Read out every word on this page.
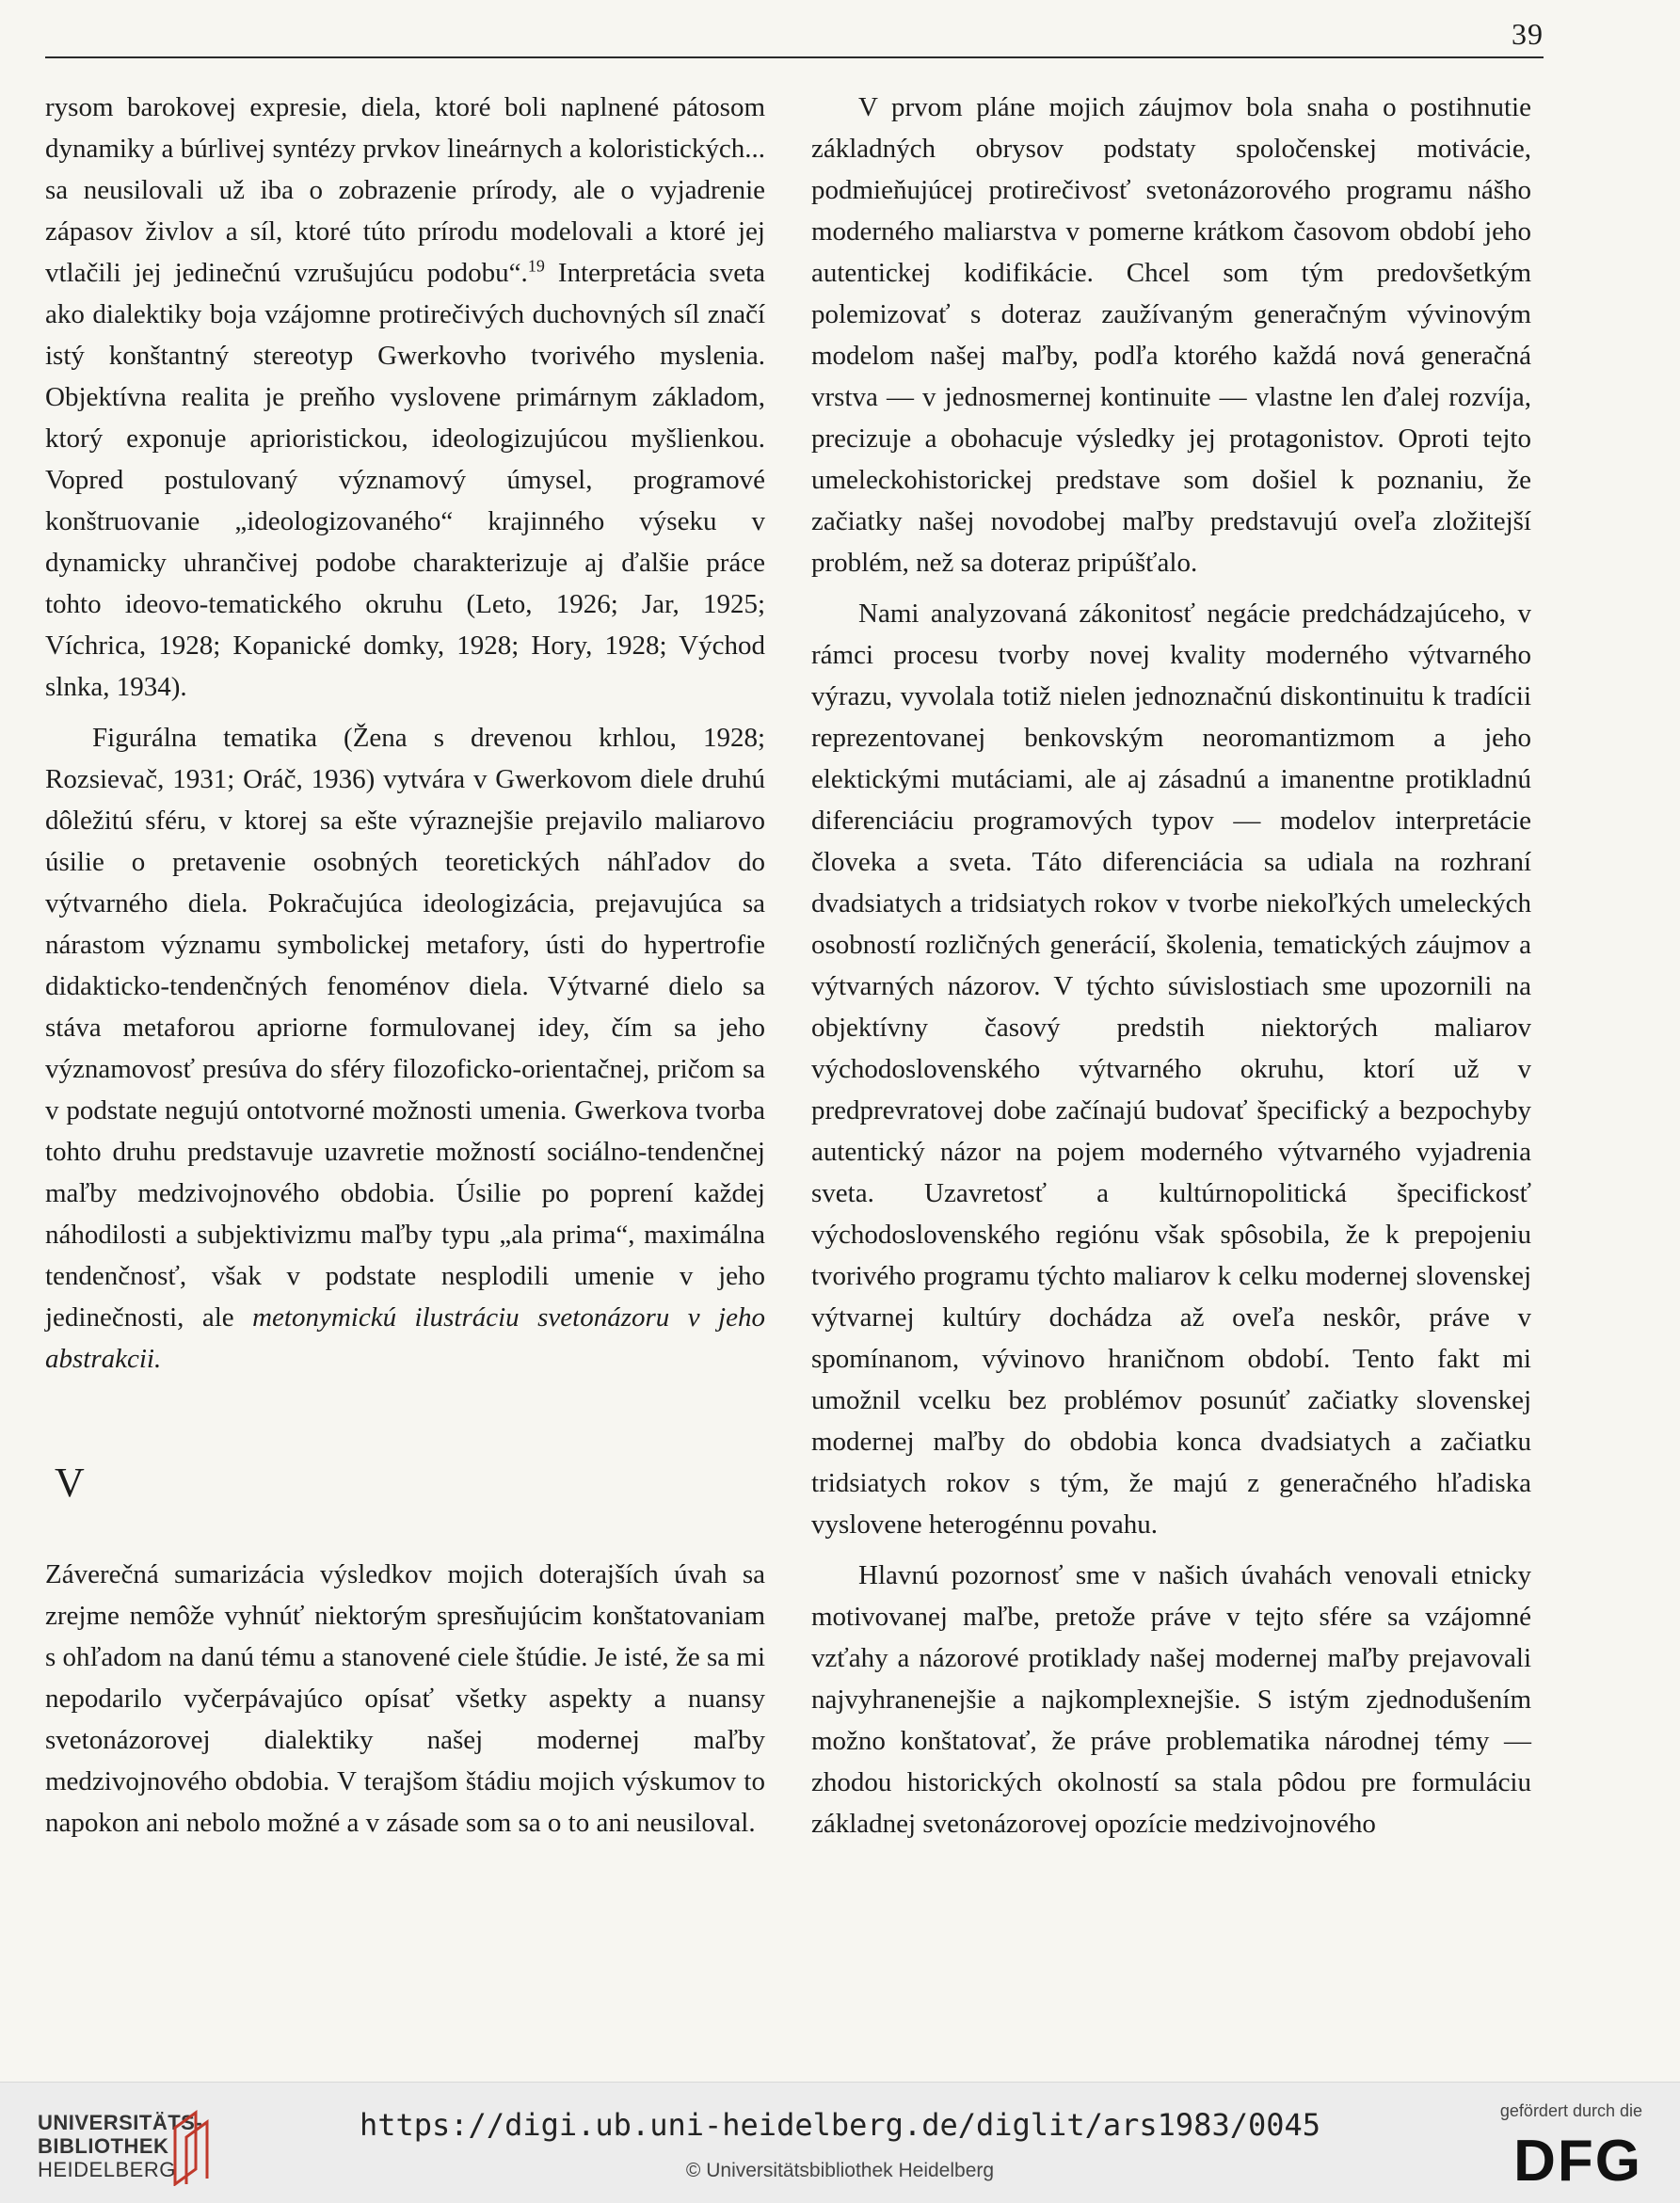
39

rysom barokovej expresie, diela, ktoré boli naplnené pátosom dynamiky a búrlivej syntézy prvkov lineárnych a koloristických... sa neusilovali už iba o zobrazenie prírody, ale o vyjadrenie zápasov živlov a síl, ktoré túto prírodu modelovali a ktoré jej vtlačili jej jedinečnú vzrušujúcu podobu“.$^{19}$ Interpretácia sveta ako dialektiky boja vzájomne protirečivých duchovných síl značí istý konštantný stereotyp Gwerkovho tvorivého myslenia. Objektívna realita je preňho vyslovene primárnym základom, ktorý exponuje aprioristickou, ideologizujúcou myšlienkou. Vopred postulovaný významový úmysel, programové konštruovanie „ideologizovaného“ krajinného výseku v dynamicky uhrančivej podobe charakterizuje aj ďalšie práce tohto ideovo-tematického okruhu (Leto, 1926; Jar, 1925; Víchrica, 1928; Kopanické domky, 1928; Hory, 1928; Východ slnka, 1934).

Figurálna tematika (Žena s drevenou krhlou, 1928; Rozsievač, 1931; Oráč, 1936) vytvára v Gwerkovom diele druhú dôležitú sféru, v ktorej sa ešte výraznejšie prejavilo maliarovo úsilie o pretavenie osobných teoretických náhľadov do výtvarného diela. Pokračujúca ideologizácia, prejavujúca sa nárastom významu symbolickej metafory, ústi do hypertrofie didakticko-tendenčných fenoménov diela. Výtvarné dielo sa stáva metaforou apriorne formulovanej idey, čím sa jeho významovosť presúva do sféry filozoficko-orientačnej, pričom sa v podstate negujú ontotvorné možnosti umenia. Gwerkova tvorba tohto druhu predstavuje uzavretie možností sociálno-tendenčnej maľby medzivojnového obdobia. Úsilie po poprení každej náhodilosti a subjektivizmu maľby typu „ala prima“, maximálna tendenčnosť, však v podstate nesplodili umenie v jeho jedinečnosti, ale metonymickú ilustráciu svetonázoru v jeho abstrakcii.

V

Záverečná sumarizácia výsledkov mojich doterajších úvah sa zrejme nemôže vyhnúť niektorým spresňujúcim konštatovaniam s ohľadom na danú tému a stanovené ciele štúdie. Je isté, že sa mi nepodarilo vyčerpávajúco opísať všetky aspekty a nuansy svetonázorovej dialektiky našej modernej maľby medzivojnového obdobia. V terajšom štádiu mojich výskumov to napokon ani nebolo možné a v zásade som sa o to ani neusiloval.

V prvom pláne mojich záujmov bola snaha o postihnutie základných obrysov podstaty spoločenskej motivácie, podmieňujúcej protirečivosť svetonázorového programu nášho moderného maliarstva v pomerne krátkom časovom období jeho autentickej kodifikácie. Chcel som tým predovšetkým polemizovať s doteraz zaužívaným generačným vývinovým modelom našej maľby, podľa ktorého každá nová generačná vrstva — v jednosmernej kontinuite — vlastne len ďalej rozvíja, precizuje a obohacuje výsledky jej protagonistov. Oproti tejto umeleckohistorickej predstave som došiel k poznaniu, že začiatky našej novodobej maľby predstavujú oveľa zložitejší problém, než sa doteraz pripúšťalo.

Nami analyzovaná zákonitosť negácie predchádzajúceho, v rámci procesu tvorby novej kvality moderného výtvarného výrazu, vyvolala totiž nielen jednoznačnú diskontinuitu k tradícii reprezentovanej benkovským neoromantizmom a jeho elektickými mutáciami, ale aj zásadnú a imanentne protikladnú diferenciáciu programových typov — modelov interpretácie človeka a sveta. Táto diferenciácia sa udiala na rozhraní dvadsiatych a tridsiatych rokov v tvorbe niekoľkých umeleckých osobností rozličných generácií, školenia, tematických záujmov a výtvarných názorov. V týchto súvislostiach sme upozornili na objektívny časový predstih niektorých maliarov východoslovenského výtvarného okruhu, ktorí už v predprevratovej dobe začínajú budovať špecifický a bezpochyby autentický názor na pojem moderného výtvarného vyjadrenia sveta. Uzavretosť a kultúrnopolitická špecifickosť východoslovenského regiónu však spôsobila, že k prepojeniu tvorivého programu týchto maliarov k celku modernej slovenskej výtvarnej kultúry dochádza až oveľa neskôr, práve v spomínanom, vývinovo hraničnom období. Tento fakt mi umožnil vcelku bez problémov posunúť začiatky slovenskej modernej maľby do obdobia konca dvadsiatych a začiatku tridsiatych rokov s tým, že majú z generačného hľadiska vyslovene heterogénnu povahu.

Hlavnú pozornosť sme v našich úvahách venovali etnicky motivovanej maľbe, pretože práve v tejto sfére sa vzájomné vzťahy a názorové protiklady našej modernej maľby prejavovali najvyhranenejšie a najkomplexnejšie. S istým zjednodušením možno konštatovať, že práve problematika národnej témy — zhodou historických okolností sa stala pôdou pre formuláciu základnej svetonázorovej opozície medzivojnového

UNIVERSITÄTS-
BIBLIOTHEK
HEIDELBERG
https://digi.ub.uni-heidelberg.de/diglit/ars1983/0045
© Universitätsbibliothek Heidelberg
gefördert durch die
DFG
